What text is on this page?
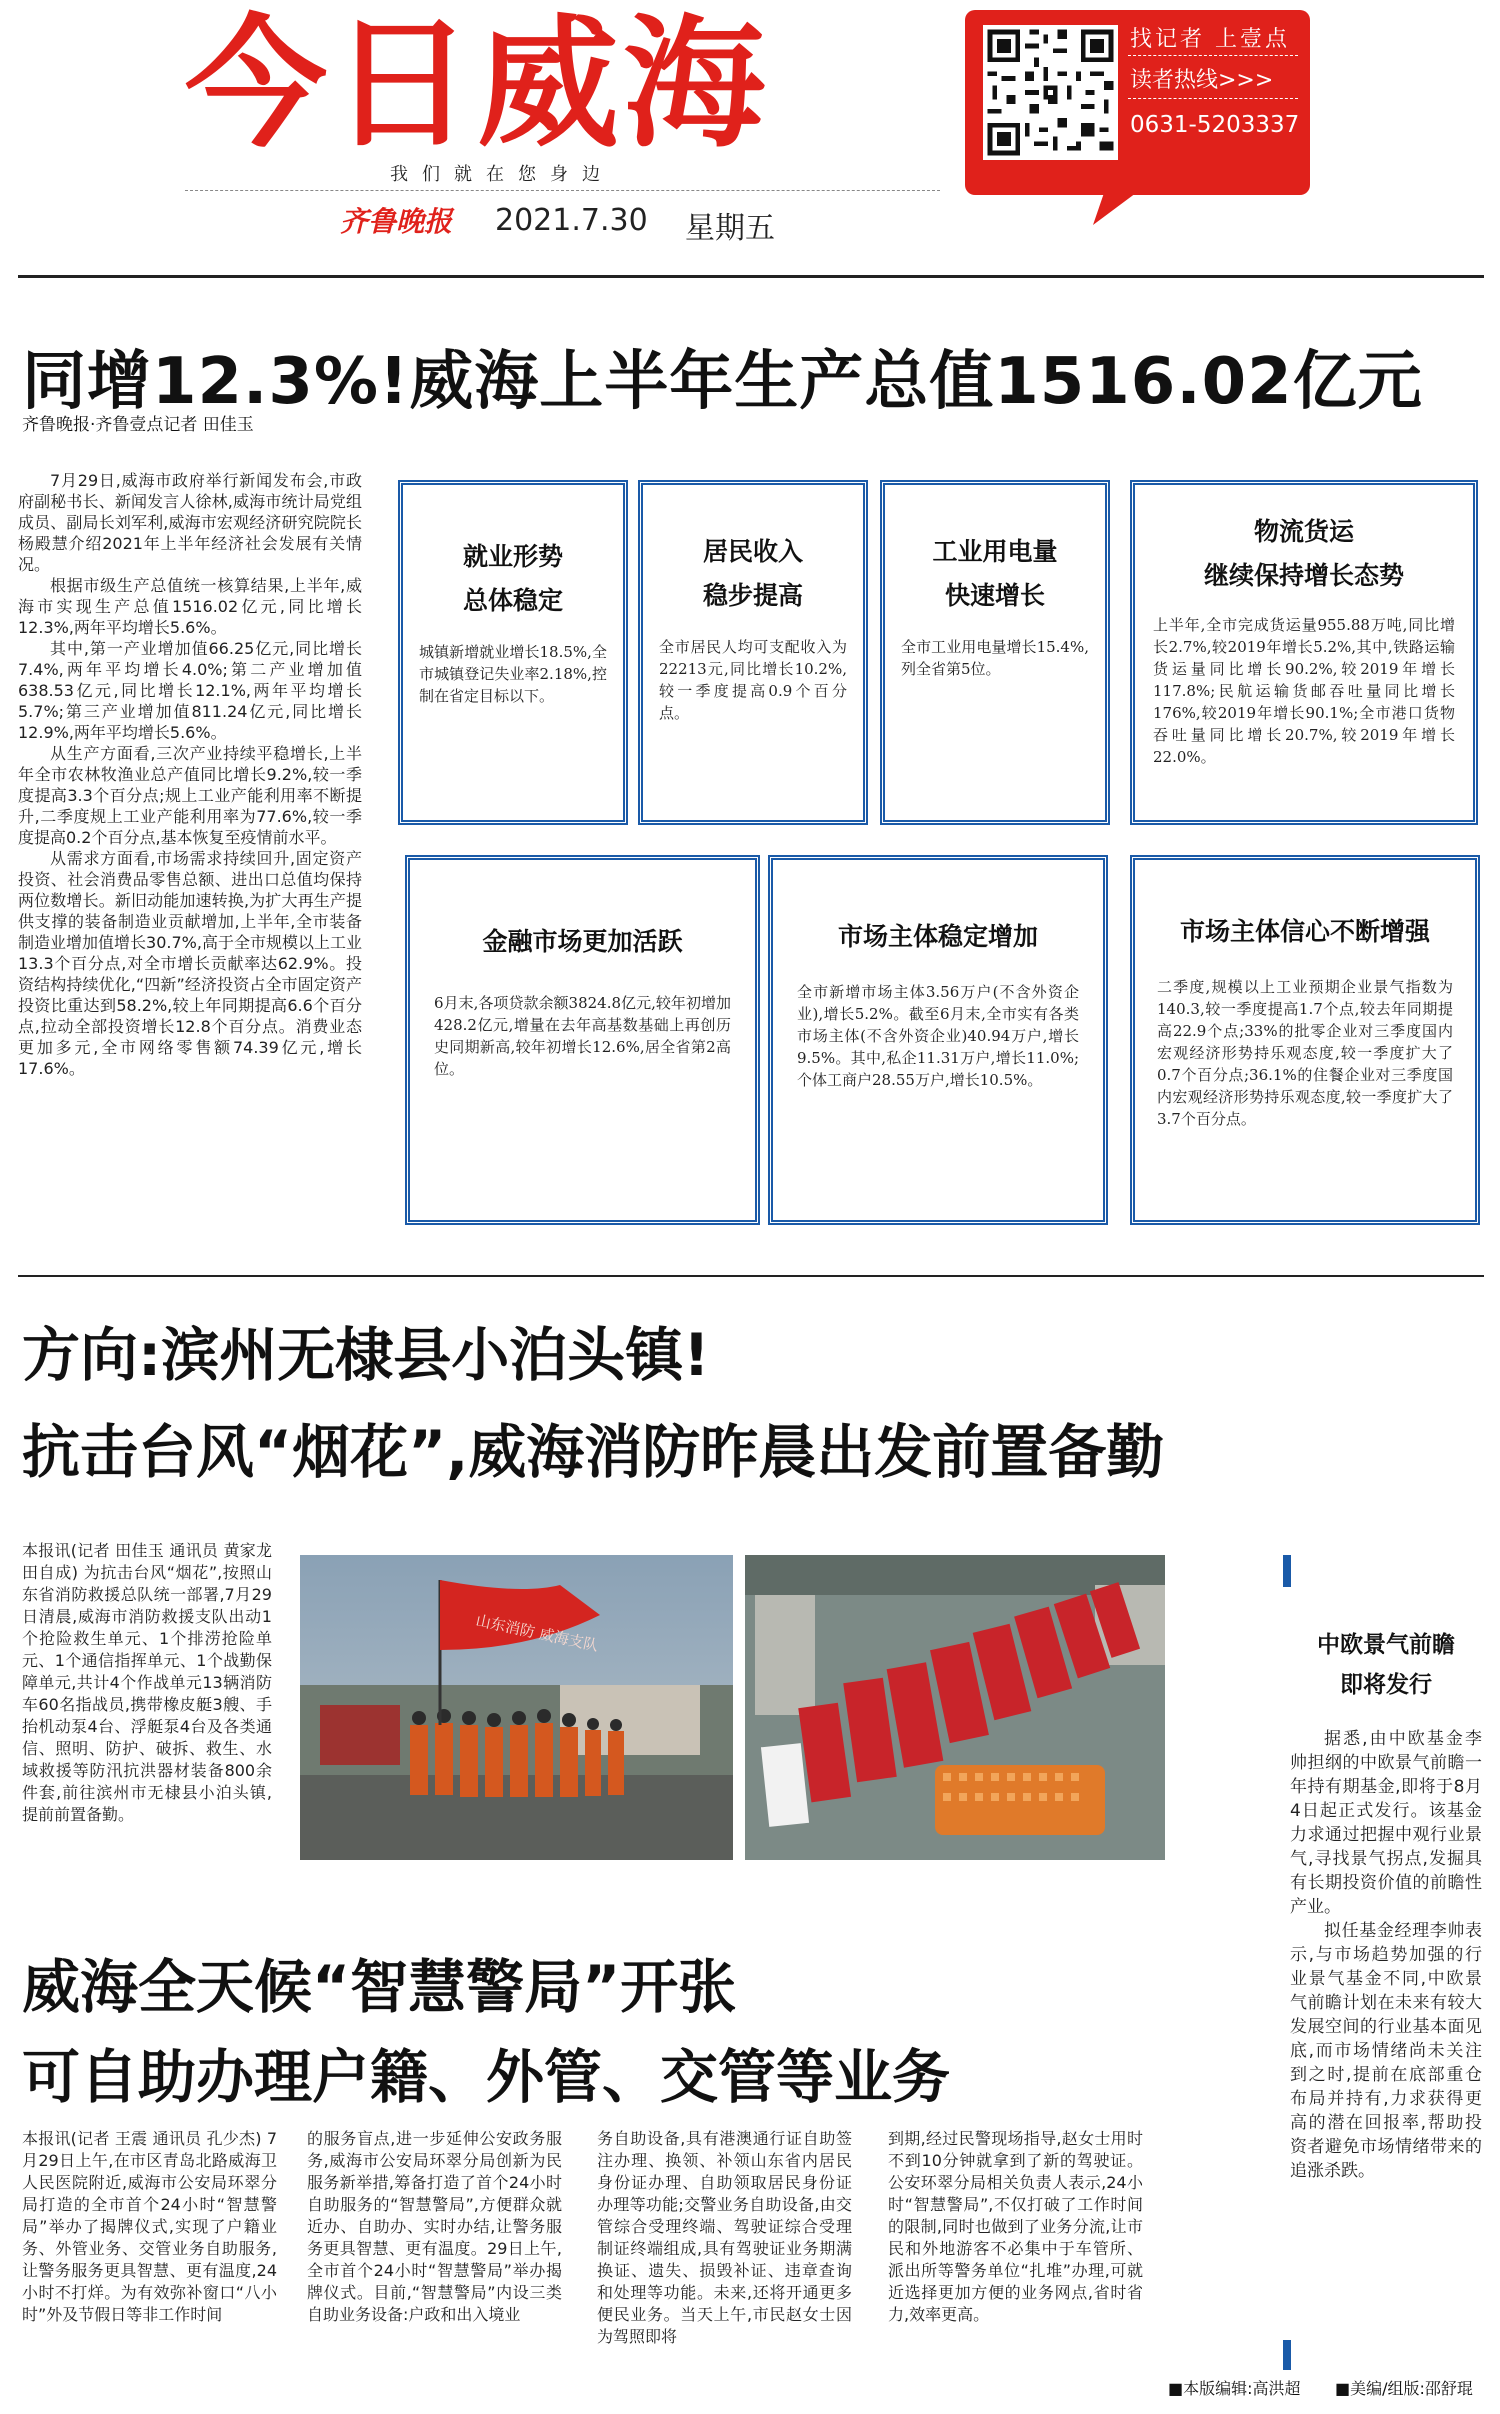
今日威海
我们就在您身边
齐鲁晚报 2021.7.30 星期五
找记者 上壹点
读者热线>>>
0631-5203337
同增12.3%!威海上半年生产总值1516.02亿元
齐鲁晚报·齐鲁壹点记者 田佳玉

7月29日,威海市政府举行新闻发布会,市政府副秘书长、新闻发言人徐林,威海市统计局党组成员、副局长刘军利,威海市宏观经济研究院院长杨殿慧介绍2021年上半年经济社会发展有关情况。

根据市级生产总值统一核算结果,上半年,威海市实现生产总值1516.02亿元,同比增长12.3%,两年平均增长5.6%。

其中,第一产业增加值66.25亿元,同比增长7.4%,两年平均增长4.0%;第二产业增加值638.53亿元,同比增长12.1%,两年平均增长5.7%;第三产业增加值811.24亿元,同比增长12.9%,两年平均增长5.6%。

从生产方面看,三次产业持续平稳增长,上半年全市农林牧渔业总产值同比增长9.2%,较一季度提高3.3个百分点;规上工业产能利用率不断提升,二季度规上工业产能利用率为77.6%,较一季度提高0.2个百分点,基本恢复至疫情前水平。

从需求方面看,市场需求持续回升,固定资产投资、社会消费品零售总额、进出口总值均保持两位数增长。新旧动能加速转换,为扩大再生产提供支撑的装备制造业贡献增加,上半年,全市装备制造业增加值增长30.7%,高于全市规模以上工业13.3个百分点,对全市增长贡献率达62.9%。投资结构持续优化,“四新”经济投资占全市固定资产投资比重达到58.2%,较上年同期提高6.6个百分点,拉动全部投资增长12.8个百分点。消费业态更加多元,全市网络零售额74.39亿元,增长17.6%。

就业形势
总体稳定
城镇新增就业增长18.5%,全市城镇登记失业率2.18%,控制在省定目标以下。
居民收入
稳步提高
全市居民人均可支配收入为22213元,同比增长10.2%,较一季度提高0.9个百分点。
工业用电量
快速增长
全市工业用电量增长15.4%,列全省第5位。
物流货运
继续保持增长态势
上半年,全市完成货运量955.88万吨,同比增长2.7%,较2019年增长5.2%,其中,铁路运输货运量同比增长90.2%,较2019年增长117.8%;民航运输货邮吞吐量同比增长176%,较2019年增长90.1%;全市港口货物吞吐量同比增长20.7%,较2019年增长22.0%。
金融市场更加活跃
6月末,各项贷款余额3824.8亿元,较年初增加428.2亿元,增量在去年高基数基础上再创历史同期新高,较年初增长12.6%,居全省第2高位。
市场主体稳定增加
全市新增市场主体3.56万户(不含外资企业),增长5.2%。截至6月末,全市实有各类市场主体(不含外资企业)40.94万户,增长9.5%。其中,私企11.31万户,增长11.0%;个体工商户28.55万户,增长10.5%。
市场主体信心不断增强
二季度,规模以上工业预期企业景气指数为140.3,较一季度提高1.7个点,较去年同期提高22.9个点;33%的批零企业对三季度国内宏观经济形势持乐观态度,较一季度扩大了0.7个百分点;36.1%的住餐企业对三季度国内宏观经济形势持乐观态度,较一季度扩大了3.7个百分点。
方向:滨州无棣县小泊头镇!
抗击台风“烟花”,威海消防昨晨出发前置备勤
本报讯(记者 田佳玉 通讯员 黄家龙 田自成) 为抗击台风“烟花”,按照山东省消防救援总队统一部署,7月29日清晨,威海市消防救援支队出动1个抢险救生单元、1个排涝抢险单元、1个通信指挥单元、1个战勤保障单元,共计4个作战单元13辆消防车60名指战员,携带橡皮艇3艘、手抬机动泵4台、浮艇泵4台及各类通信、照明、防护、破拆、救生、水域救援等防汛抗洪器材装备800余件套,前往滨州市无棣县小泊头镇,提前前置备勤。
山东消防 威海支队	中欧景气前瞻
即将发行

据悉,由中欧基金李帅担纲的中欧景气前瞻一年持有期基金,即将于8月4日起正式发行。该基金力求通过把握中观行业景气,寻找景气拐点,发掘具有长期投资价值的前瞻性产业。

拟任基金经理李帅表示,与市场趋势加强的行业景气基金不同,中欧景气前瞻计划在未来有较大发展空间的行业基本面见底,而市场情绪尚未关注到之时,提前在底部重仓布局并持有,力求获得更高的潜在回报率,帮助投资者避免市场情绪带来的追涨杀跌。

威海全天候“智慧警局”开张
可自助办理户籍、外管、交管等业务
本报讯(记者 王震 通讯员 孔少杰) 7月29日上午,在市区青岛北路威海卫人民医院附近,威海市公安局环翠分局打造的全市首个24小时“智慧警局”举办了揭牌仪式,实现了户籍业务、外管业务、交管业务自助服务,让警务服务更具智慧、更有温度,24小时不打烊。为有效弥补窗口“八小时”外及节假日等非工作时间
的服务盲点,进一步延伸公安政务服务,威海市公安局环翠分局创新为民服务新举措,筹备打造了首个24小时自助服务的“智慧警局”,方便群众就近办、自助办、实时办结,让警务服务更具智慧、更有温度。29日上午,全市首个24小时“智慧警局”举办揭牌仪式。目前,“智慧警局”内设三类自助业务设备:户政和出入境业
务自助设备,具有港澳通行证自助签注办理、换领、补领山东省内居民身份证办理、自助领取居民身份证办理等功能;交警业务自助设备,由交管综合受理终端、驾驶证综合受理制证终端组成,具有驾驶证业务期满换证、遗失、损毁补证、违章查询和处理等功能。未来,还将开通更多便民业务。当天上午,市民赵女士因为驾照即将
到期,经过民警现场指导,赵女士用时不到10分钟就拿到了新的驾驶证。公安环翠分局相关负责人表示,24小时“智慧警局”,不仅打破了工作时间的限制,同时也做到了业务分流,让市民和外地游客不必集中于车管所、派出所等警务单位“扎堆”办理,可就近选择更加方便的业务网点,省时省力,效率更高。
■本版编辑:高洪超 ■美编/组版:邵舒琨
